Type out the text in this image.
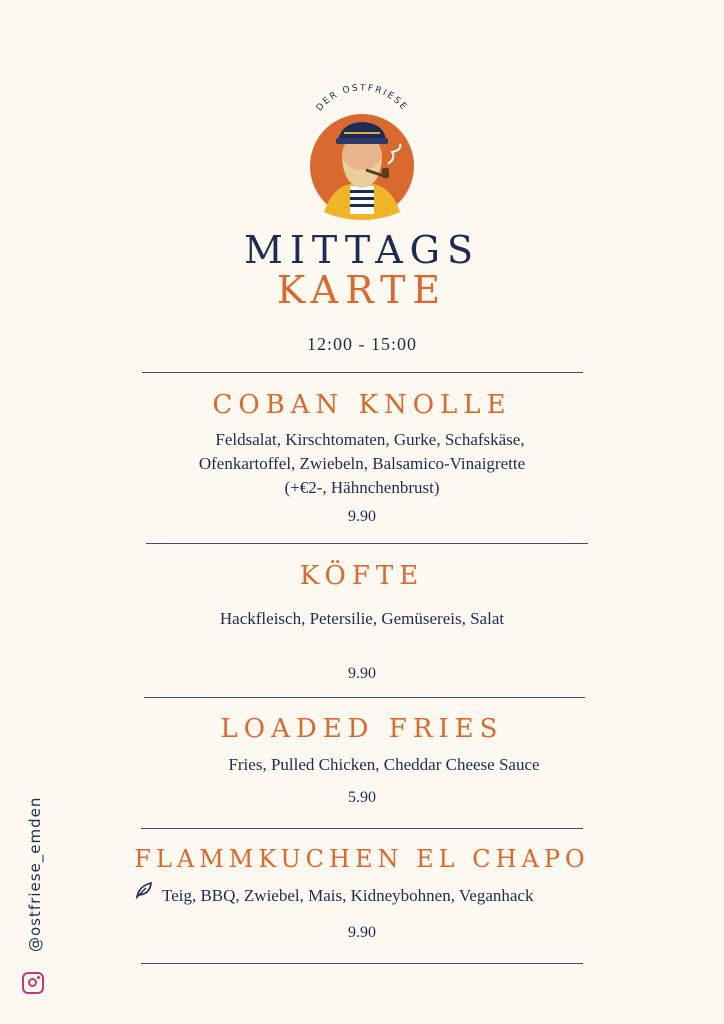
DER OSTFRIESE
MITTAGS
KARTE
12:00 - 15:00
COBAN KNOLLE
Feldsalat, Kirschtomaten, Gurke, Schafskäse,
Ofenkartoffel, Zwiebeln, Balsamico-Vinaigrette
(+€2-, Hähnchenbrust)
9.90
KÖFTE
Hackfleisch, Petersilie, Gemüsereis, Salat
9.90
LOADED FRIES
Fries, Pulled Chicken, Cheddar Cheese Sauce
5.90
FLAMMKUCHEN EL CHAPO
Teig, BBQ, Zwiebel, Mais, Kidneybohnen, Veganhack
9.90
@ostfriese_emden
